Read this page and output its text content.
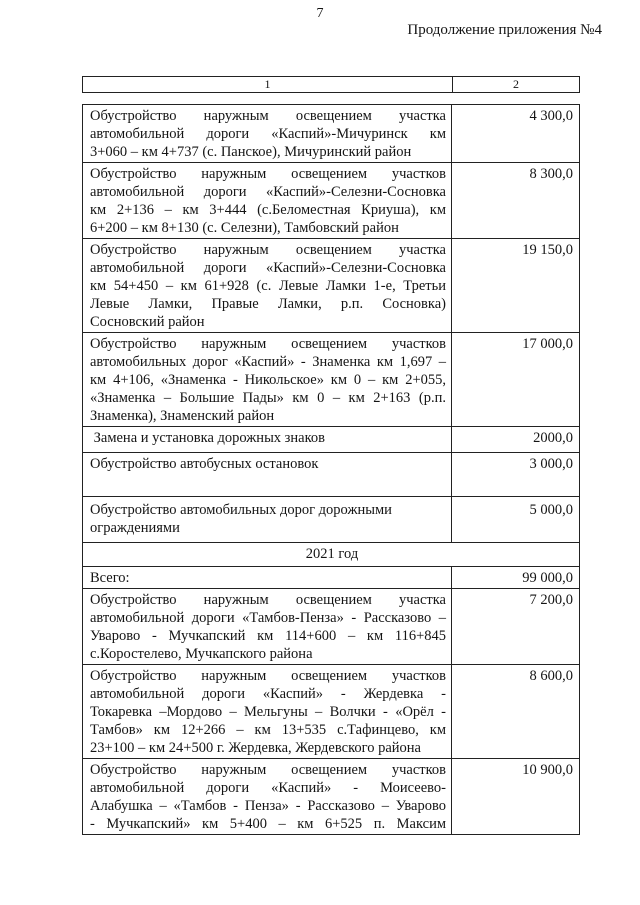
7
Продолжение приложения №4
1	2
Обустройство наружным освещением участка
автомобильной дороги «Каспий»-Мичуринск км
3+060 – км 4+737 (с. Панское), Мичуринский район	4 300,0

Обустройство наружным освещением участков
автомобильной дороги «Каспий»-Селезни-Сосновка
км 2+136 – км 3+444 (с.Беломестная Криуша), км
6+200 – км 8+130 (с. Селезни), Тамбовский район	8 300,0

Обустройство наружным освещением участка
автомобильной дороги «Каспий»-Селезни-Сосновка
км 54+450 – км 61+928 (с. Левые Ламки 1-е, Третьи
Левые Ламки, Правые Ламки, р.п. Сосновка)
Сосновский район	19 150,0

Обустройство наружным освещением участков
автомобильных дорог «Каспий» - Знаменка км 1,697 –
км 4+106, «Знаменка - Никольское» км 0 – км 2+055,
«Знаменка – Большие Пады» км 0 – км 2+163 (р.п.
Знаменка), Знаменский район	17 000,0

Замена и установка дорожных знаков	2000,0

Обустройство автобусных остановок	3 000,0

Обустройство автомобильных дорог дорожными
ограждениями	5 000,0
2021 год	
Всего:	99 000,0

Обустройство наружным освещением участка
автомобильной дороги «Тамбов-Пенза» - Рассказово –
Уварово - Мучкапский км 114+600 – км 116+845
с.Коростелево, Мучкапского района	7 200,0

Обустройство наружным освещением участков
автомобильной дороги «Каспий» - Жердевка -
Токаревка –Мордово – Мельгуны – Волчки - «Орёл -
Тамбов» км 12+266 – км 13+535 с.Тафинцево, км
23+100 – км 24+500 г. Жердевка, Жердевского района	8 600,0

Обустройство наружным освещением участков
автомобильной дороги «Каспий» - Моисеево-
Алабушка – «Тамбов - Пенза» - Рассказово – Уварово
- Мучкапский» км 5+400 – км 6+525 п. Максим	10 900,0
